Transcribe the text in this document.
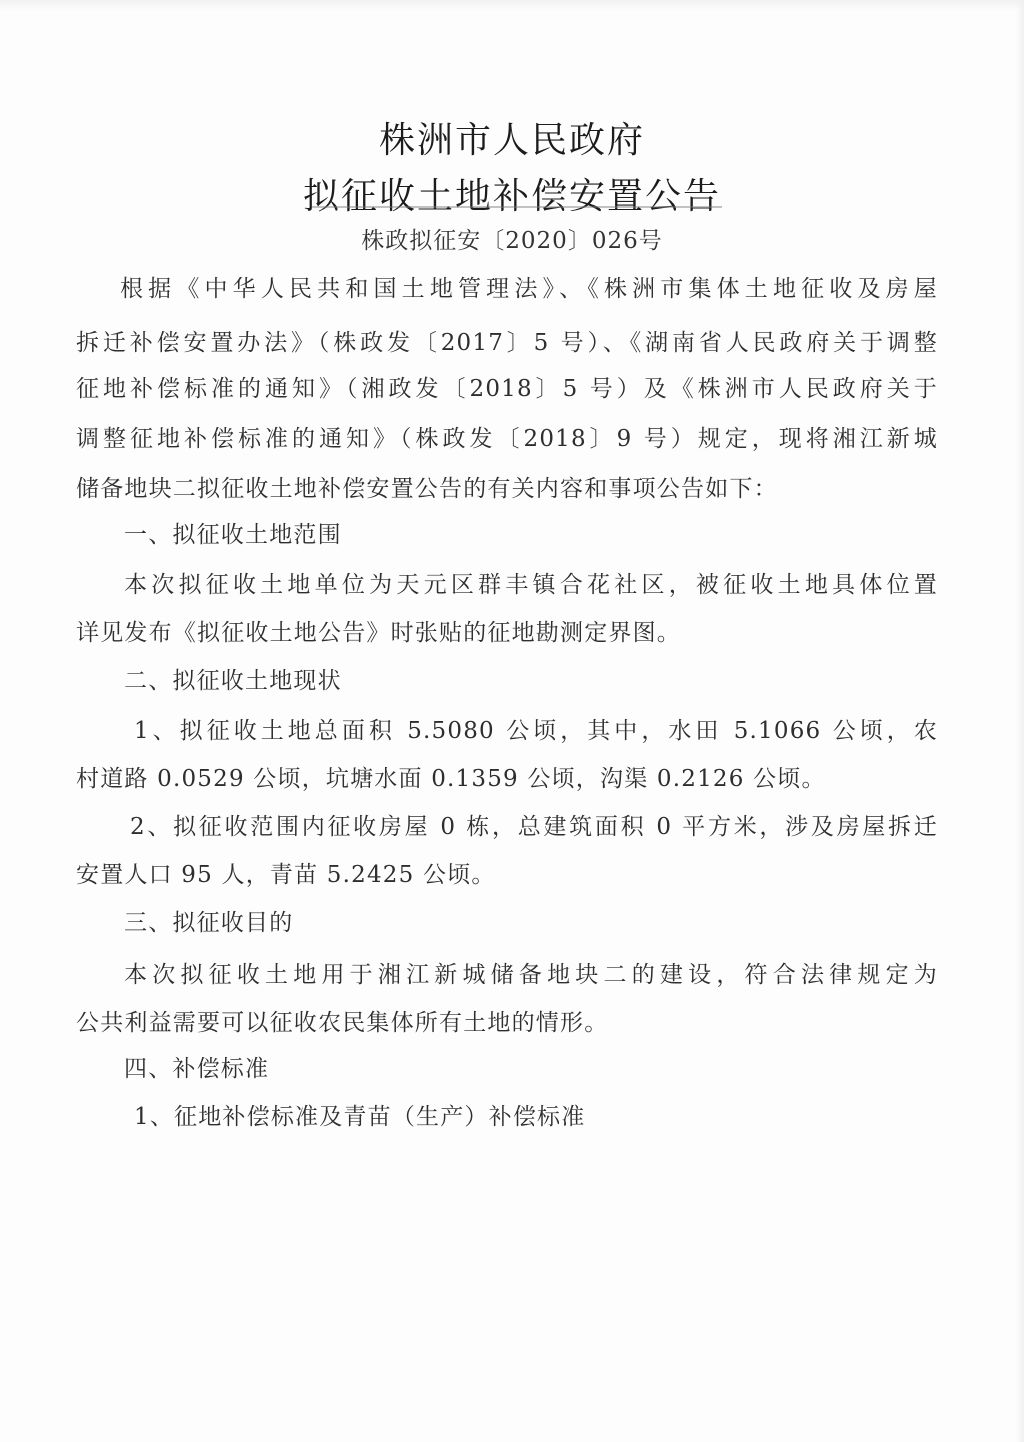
株洲市人民政府
拟征收土地补偿安置公告
株政拟征安〔2020〕026号
根据《中华人民共和国土地管理法》、《株洲市集体土地征收及房屋
拆迁补偿安置办法》（株政发〔2017〕5 号）、《湖南省人民政府关于调整
征地补偿标准的通知》（湘政发〔2018〕5 号）及《株洲市人民政府关于
调整征地补偿标准的通知》（株政发〔2018〕9 号）规定，现将湘江新城
储备地块二拟征收土地补偿安置公告的有关内容和事项公告如下：
一、拟征收土地范围
本次拟征收土地单位为天元区群丰镇合花社区，被征收土地具体位置
详见发布《拟征收土地公告》时张贴的征地勘测定界图。
二、拟征收土地现状
1、拟征收土地总面积 5.5080 公顷，其中，水田 5.1066 公顷，农
村道路 0.0529 公顷，坑塘水面 0.1359 公顷，沟渠 0.2126 公顷。
2、拟征收范围内征收房屋 0 栋，总建筑面积 0 平方米，涉及房屋拆迁
安置人口 95 人，青苗 5.2425 公顷。
三、拟征收目的
本次拟征收土地用于湘江新城储备地块二的建设，符合法律规定为
公共利益需要可以征收农民集体所有土地的情形。
四、补偿标准
1、征地补偿标准及青苗（生产）补偿标准
